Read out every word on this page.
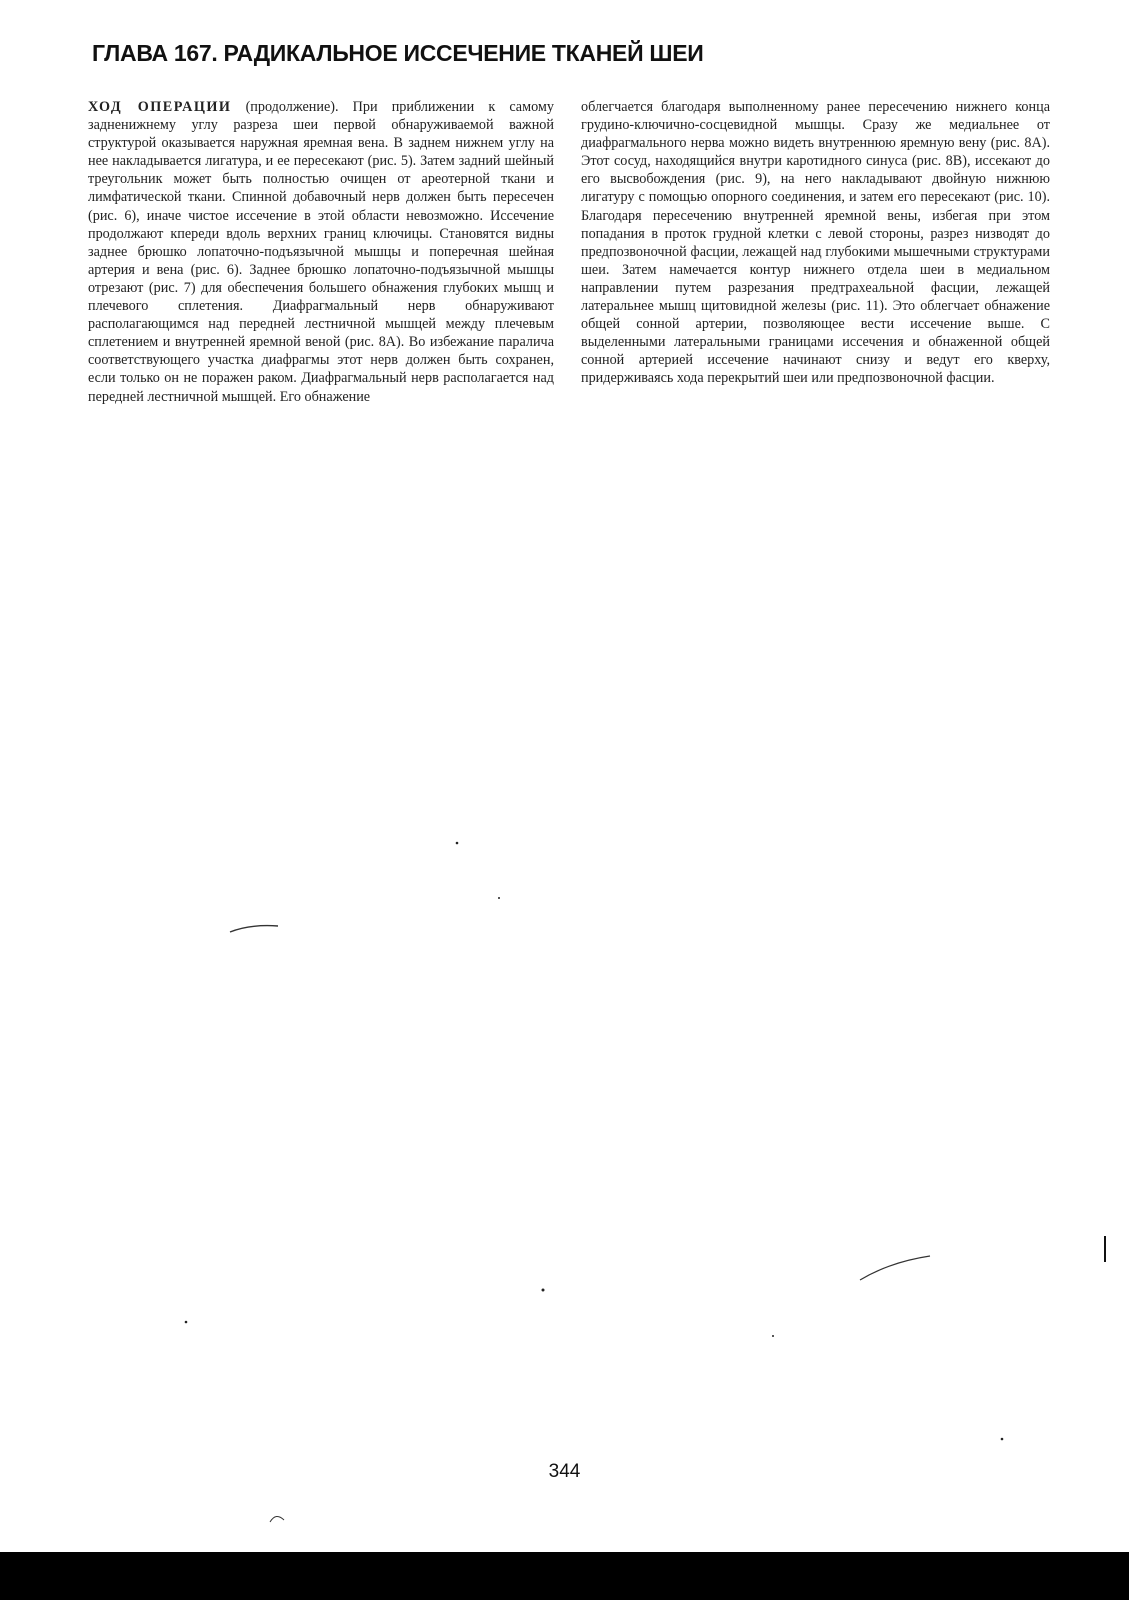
ГЛАВА 167. РАДИКАЛЬНОЕ ИССЕЧЕНИЕ ТКАНЕЙ ШЕИ
ХОД ОПЕРАЦИИ (продолжение). При приближении к самому задненижнему углу разреза шеи первой обнаруживаемой важной структурой оказывается наружная яремная вена. В заднем нижнем углу на нее накладывается лигатура, и ее пересекают (рис. 5). Затем задний шейный треугольник может быть полностью очищен от ареотерной ткани и лимфатической ткани. Спинной добавочный нерв должен быть пересечен (рис. 6), иначе чистое иссечение в этой области невозможно. Иссечение продолжают кпереди вдоль верхних границ ключицы. Становятся видны заднее брюшко лопаточно-подъязычной мышцы и поперечная шейная артерия и вена (рис. 6). Заднее брюшко лопаточно-подъязычной мышцы отрезают (рис. 7) для обеспечения большего обнажения глубоких мышц и плечевого сплетения. Диафрагмальный нерв обнаруживают располагающимся над передней лестничной мышцей между плечевым сплетением и внутренней яремной веной (рис. 8A). Во избежание паралича соответствующего участка диафрагмы этот нерв должен быть сохранен, если только он не поражен раком. Диафрагмальный нерв располагается над передней лестничной мышцей. Его обнажение
облегчается благодаря выполненному ранее пересечению нижнего конца грудино-ключично-сосцевидной мышцы. Сразу же медиальнее от диафрагмального нерва можно видеть внутреннюю яремную вену (рис. 8A). Этот сосуд, находящийся внутри каротидного синуса (рис. 8B), иссекают до его высвобождения (рис. 9), на него накладывают двойную нижнюю лигатуру с помощью опорного соединения, и затем его пересекают (рис. 10). Благодаря пересечению внутренней яремной вены, избегая при этом попадания в проток грудной клетки с левой стороны, разрез низводят до предпозвоночной фасции, лежащей над глубокими мышечными структурами шеи. Затем намечается контур нижнего отдела шеи в медиальном направлении путем разрезания предтрахеальной фасции, лежащей латеральнее мышц щитовидной железы (рис. 11). Это облегчает обнажение общей сонной артерии, позволяющее вести иссечение выше. С выделенными латеральными границами иссечения и обнаженной общей сонной артерией иссечение начинают снизу и ведут его кверху, придерживаясь хода перекрытий шеи или предпозвоночной фасции.
344
